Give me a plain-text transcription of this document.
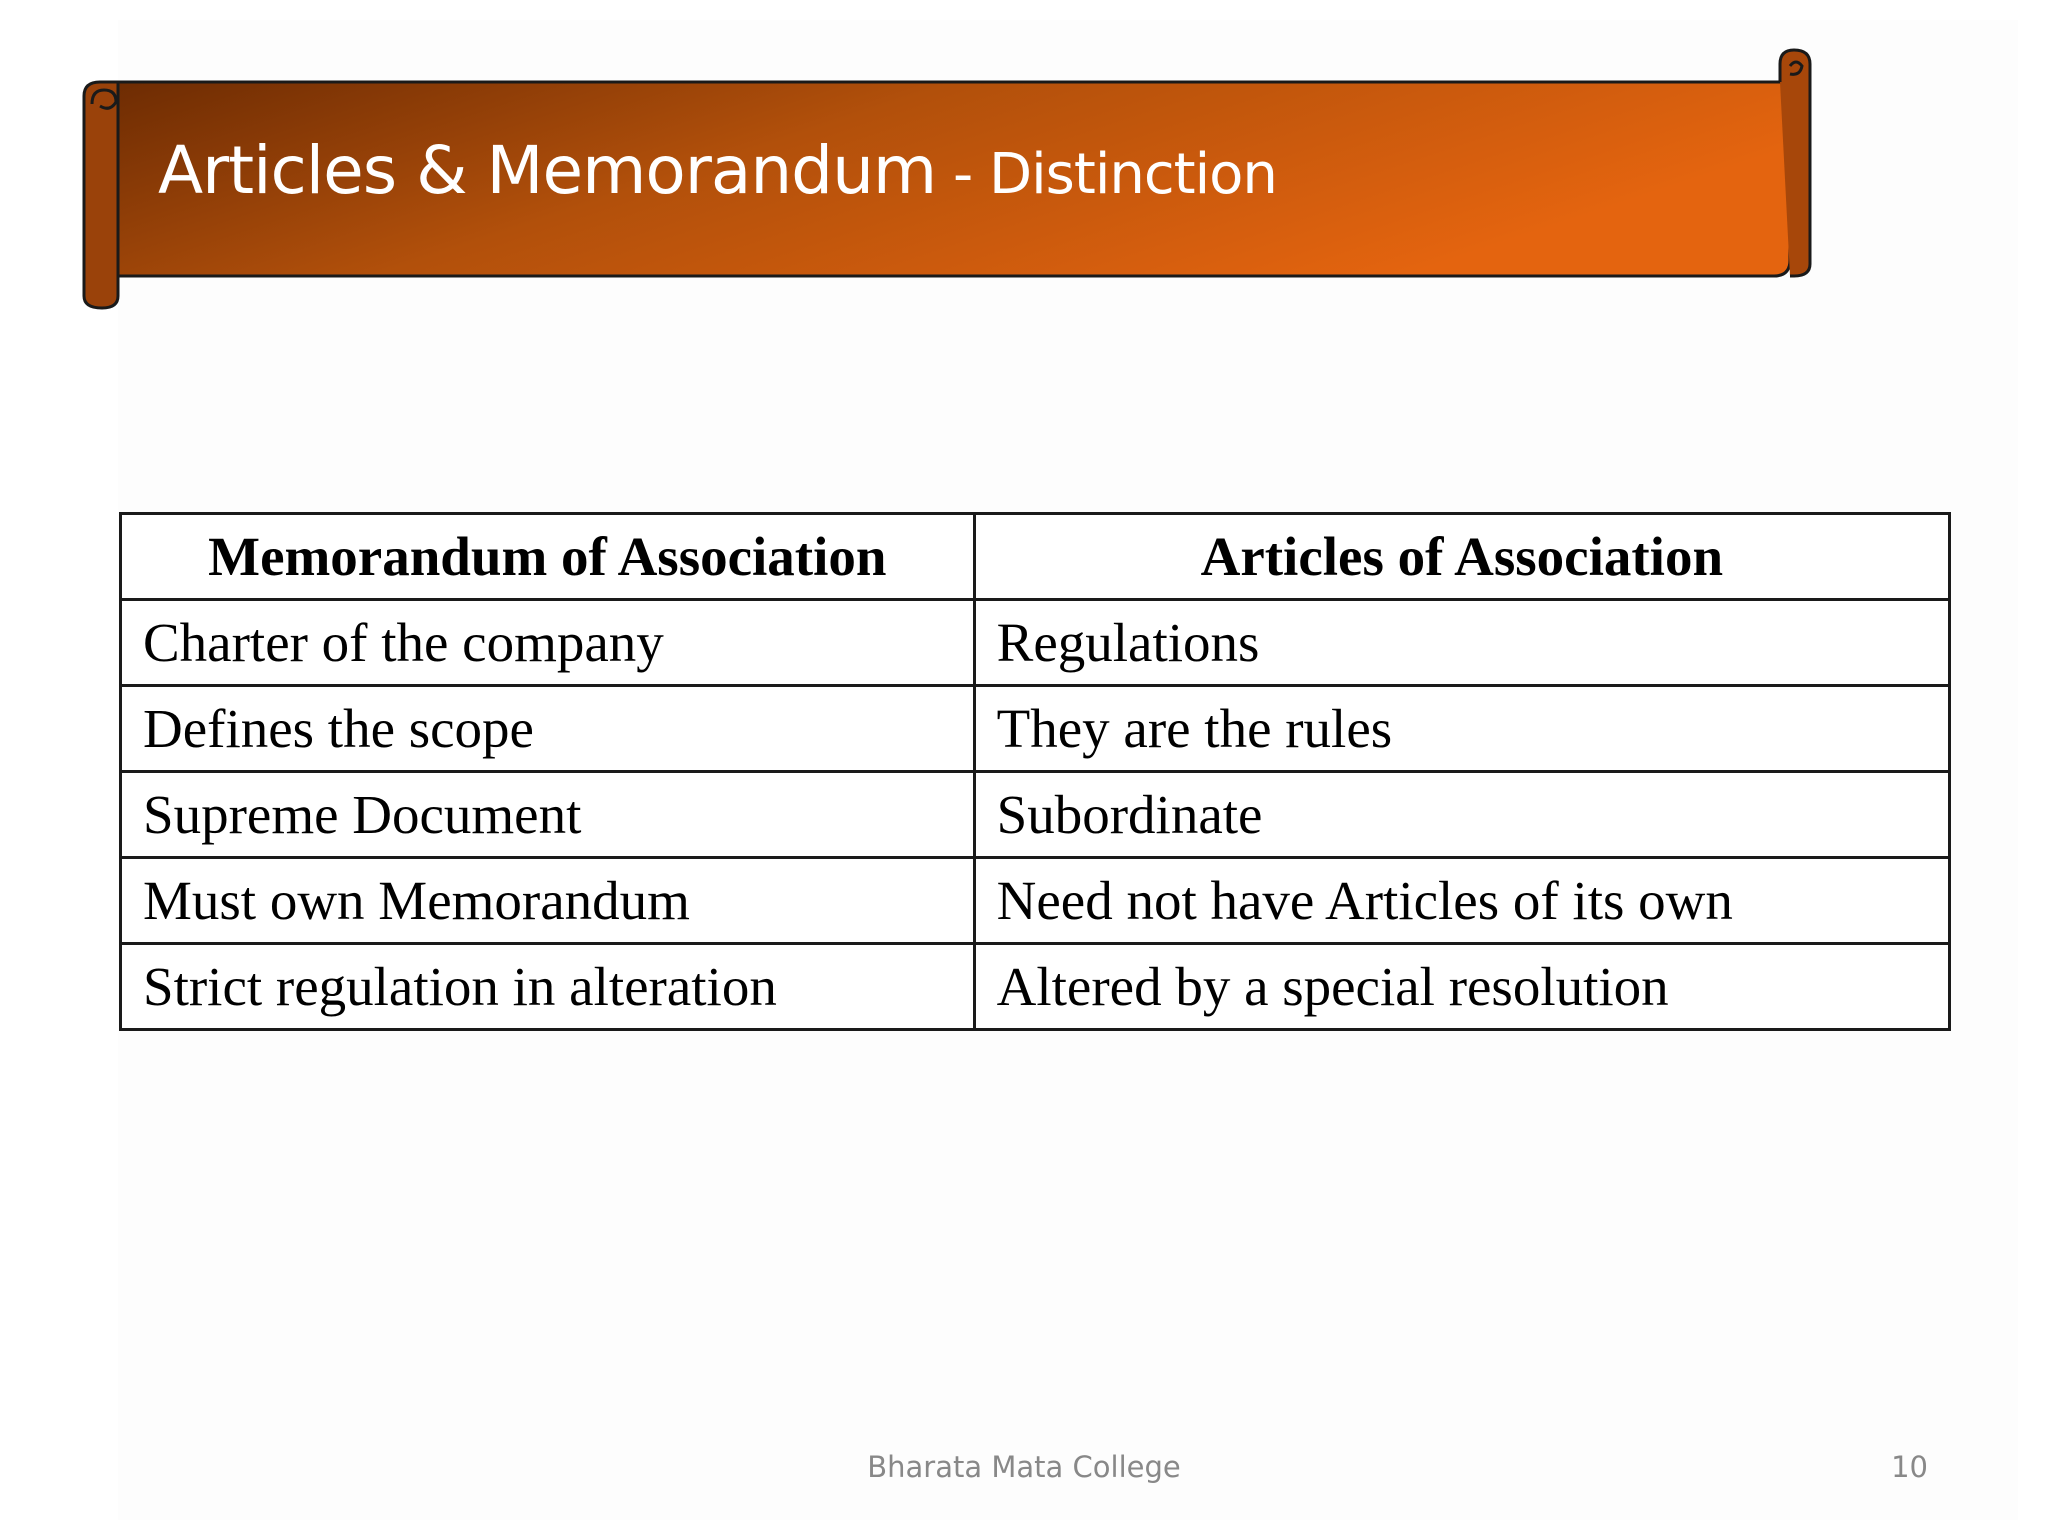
Articles & Memorandum - Distinction
Memorandum of Association	Articles of Association
Charter of the company	Regulations
Defines the scope	They are the rules
Supreme Document	Subordinate
Must own Memorandum	Need not have Articles of its own
Strict regulation in alteration	Altered by a special resolution
Bharata Mata College	10
